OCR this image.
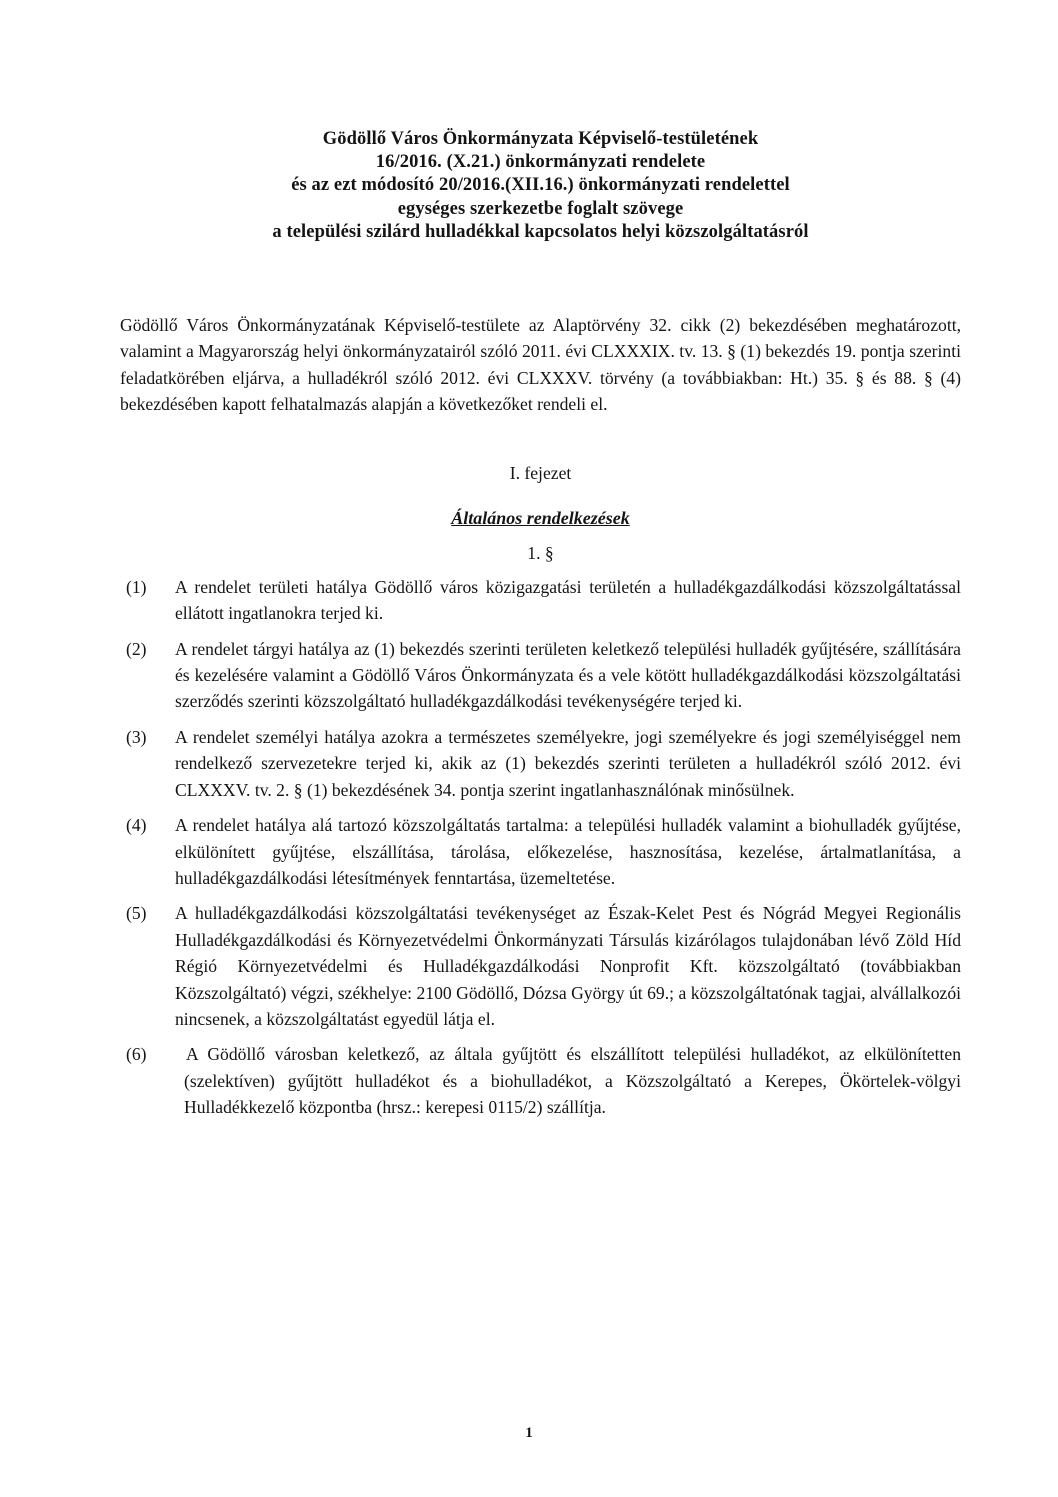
Gödöllő Város Önkormányzata Képviselő-testületének
16/2016. (X.21.) önkormányzati rendelete
és az ezt módosító 20/2016.(XII.16.) önkormányzati rendelettel
egységes szerkezetbe foglalt szövege
a települési szilárd hulladékkal kapcsolatos helyi közszolgáltatásról
Gödöllő Város Önkormányzatának Képviselő-testülete az Alaptörvény 32. cikk (2) bekezdésében meghatározott, valamint a Magyarország helyi önkormányzatairól szóló 2011. évi CLXXXIX. tv. 13. § (1) bekezdés 19. pontja szerinti feladatkörében eljárva, a hulladékról szóló 2012. évi CLXXXV. törvény (a továbbiakban: Ht.) 35. § és 88. § (4) bekezdésében kapott felhatalmazás alapján a következőket rendeli el.
I. fejezet
Általános rendelkezések
1. §
(1) A rendelet területi hatálya Gödöllő város közigazgatási területén a hulladékgazdálkodási közszolgáltatással ellátott ingatlanokra terjed ki.
(2) A rendelet tárgyi hatálya az (1) bekezdés szerinti területen keletkező települési hulladék gyűjtésére, szállítására és kezelésére valamint a Gödöllő Város Önkormányzata és a vele kötött hulladékgazdálkodási közszolgáltatási szerződés szerinti közszolgáltató hulladékgazdálkodási tevékenységére terjed ki.
(3) A rendelet személyi hatálya azokra a természetes személyekre, jogi személyekre és jogi személyiséggel nem rendelkező szervezetekre terjed ki, akik az (1) bekezdés szerinti területen a hulladékról szóló 2012. évi CLXXXV. tv. 2. § (1) bekezdésének 34. pontja szerint ingatlanhasználónak minősülnek.
(4) A rendelet hatálya alá tartozó közszolgáltatás tartalma: a települési hulladék valamint a biohulladék gyűjtése, elkülönített gyűjtése, elszállítása, tárolása, előkezelése, hasznosítása, kezelése, ártalmatlanítása, a hulladékgazdálkodási létesítmények fenntartása, üzemeltetése.
(5) A hulladékgazdálkodási közszolgáltatási tevékenységet az Észak-Kelet Pest és Nógrád Megyei Regionális Hulladékgazdálkodási és Környezetvédelmi Önkormányzati Társulás kizárólagos tulajdonában lévő Zöld Híd Régió Környezetvédelmi és Hulladékgazdálkodási Nonprofit Kft. közszolgáltató (továbbiakban Közszolgáltató) végzi, székhelye: 2100 Gödöllő, Dózsa György út 69.; a közszolgáltatónak tagjai, alvállalkozói nincsenek, a közszolgáltatást egyedül látja el.
(6) A Gödöllő városban keletkező, az általa gyűjtött és elszállított települési hulladékot, az elkülönítetten (szelektíven) gyűjtött hulladékot és a biohulladékot, a Közszolgáltató a Kerepes, Ökörtelek-völgyi Hulladékkezelő központba (hrsz.: kerepesi 0115/2) szállítja.
1
